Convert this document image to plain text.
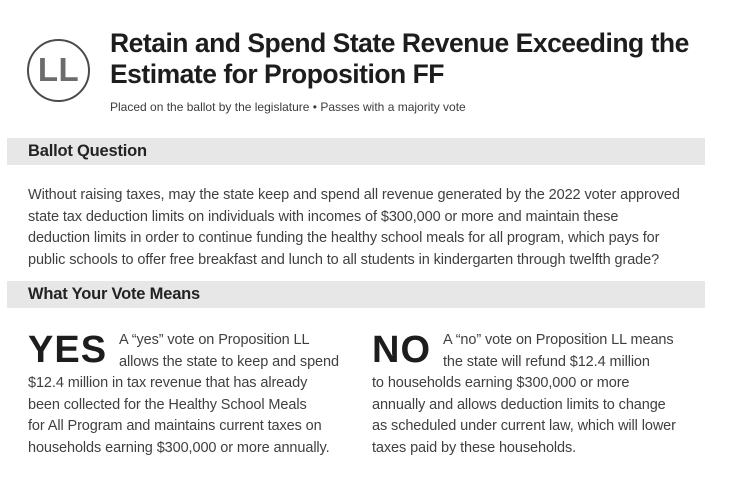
LL
Retain and Spend State Revenue Exceeding the Estimate for Proposition FF
Placed on the ballot by the legislature • Passes with a majority vote
Ballot Question
Without raising taxes, may the state keep and spend all revenue generated by the 2022 voter approved
state tax deduction limits on individuals with incomes of $300,000 or more and maintain these
deduction limits in order to continue funding the healthy school meals for all program, which pays for
public schools to offer free breakfast and lunch to all students in kindergarten through twelfth grade?
What Your Vote Means
YES A “yes” vote on Proposition LL
allows the state to keep and spend
$12.4 million in tax revenue that has already
been collected for the Healthy School Meals
for All Program and maintains current taxes on
households earning $300,000 or more annually.
NO A “no” vote on Proposition LL means
the state will refund $12.4 million
to households earning $300,000 or more
annually and allows deduction limits to change
as scheduled under current law, which will lower
taxes paid by these households.
